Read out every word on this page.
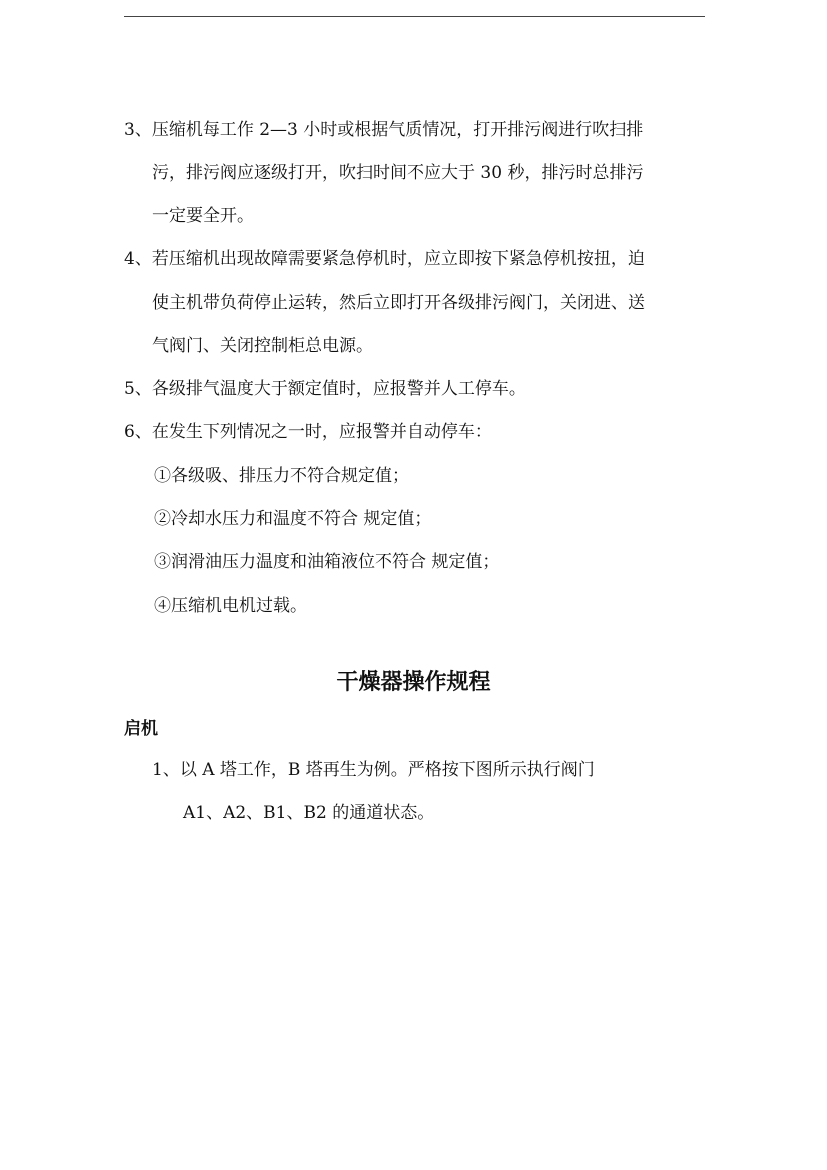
3、压缩机每工作 2—3 小时或根据气质情况，打开排污阀进行吹扫排
污，排污阀应逐级打开，吹扫时间不应大于 30 秒，排污时总排污
一定要全开。
4、若压缩机出现故障需要紧急停机时，应立即按下紧急停机按扭，迫
使主机带负荷停止运转，然后立即打开各级排污阀门，关闭进、送
气阀门、关闭控制柜总电源。
5、各级排气温度大于额定值时，应报警并人工停车。
6、在发生下列情况之一时，应报警并自动停车：
①各级吸、排压力不符合规定值；
②冷却水压力和温度不符合 规定值；
③润滑油压力温度和油箱液位不符合 规定值；
④压缩机电机过载。
干燥器操作规程
启机
1、以 A 塔工作，B 塔再生为例。严格按下图所示执行阀门
A1、A2、B1、B2 的通道状态。
